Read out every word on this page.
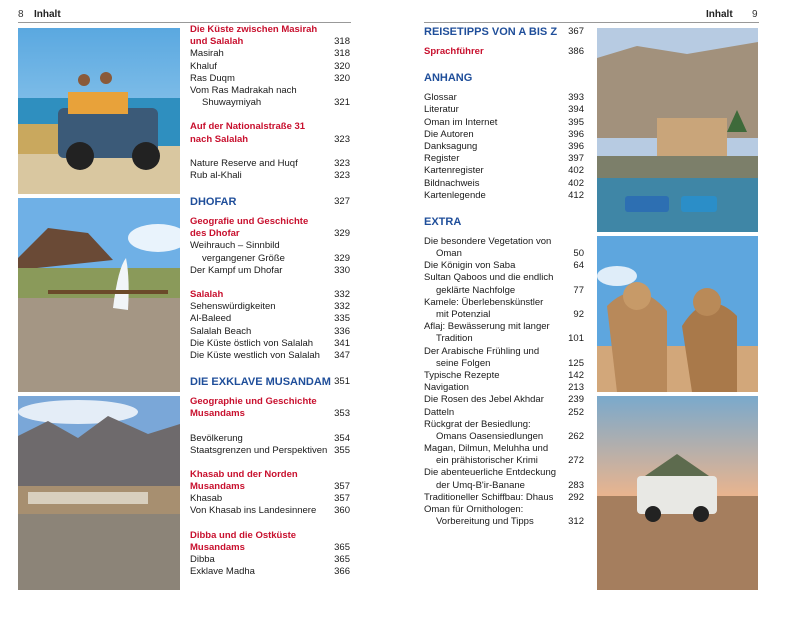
8 Inhalt	Inhalt 9
Die Küste zwischen Masirah
und Salalah	318
Masirah	318
Khaluf	320
Ras Duqm	320
Vom Ras Madrakah nach
Shuwaymiyah	321
Auf der Nationalstraße 31
nach Salalah	323
Nature Reserve and Huqf	323
Rub al-Khali	323
DHOFAR	327
Geografie und Geschichte
des Dhofar	329
Weihrauch – Sinnbild
vergangener Größe	329
Der Kampf um Dhofar	330
Salalah	332
Sehenswürdigkeiten	332
Al-Baleed	335
Salalah Beach	336
Die Küste östlich von Salalah 341
Die Küste westlich von Salalah 347
DIE EXKLAVE MUSANDAM 351
Geographie und Geschichte
Musandams	353
Bevölkerung	354
Staatsgrenzen und Perspektiven 355
Khasab und der Norden
Musandams	357
Khasab	357
Von Khasab ins Landesinnere 360
Dibba und die Ostküste
Musandams	365
Dibba	365
Exklave Madha	366
REISETIPPS VON A BIS Z 367
Sprachführer	386
ANHANG
Glossar	393
Literatur	394
Oman im Internet	395
Die Autoren	396
Danksagung	396
Register	397
Kartenregister	402
Bildnachweis	402
Kartenlegende	412
EXTRA
Die besondere Vegetation von
Oman	50
Die Königin von Saba	64
Sultan Qaboos und die endlich
geklärte Nachfolge	77
Kamele: Überlebenskünstler
mit Potenzial	92
Aflaj: Bewässerung mit langer
Tradition	101
Der Arabische Frühling und
seine Folgen	125
Typische Rezepte	142
Navigation	213
Die Rosen des Jebel Akhdar	239
Datteln	252
Rückgrat der Besiedlung:
Omans Oasensiedlungen	262
Magan, Dilmun, Meluhha und
ein prähistorischer Krimi	272
Die abenteuerliche Entdeckung
der Umq-B'ir-Banane	283
Traditioneller Schiffbau: Dhaus 292
Oman für Ornithologen:
Vorbereitung und Tipps	312
